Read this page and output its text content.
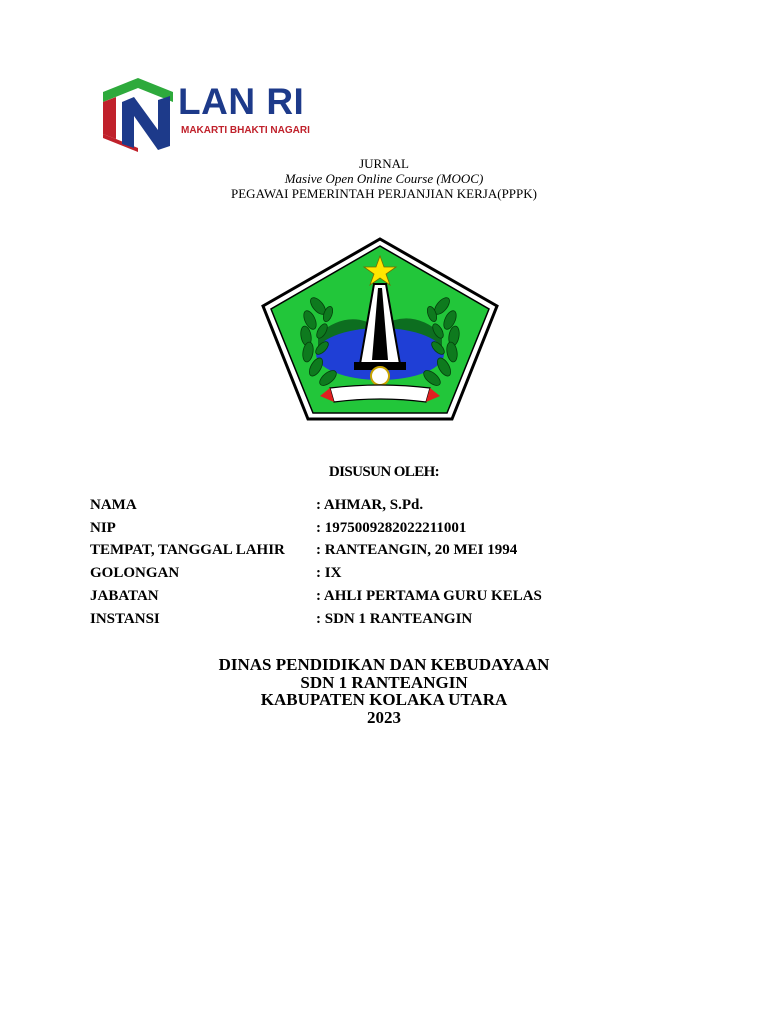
LAN RI
MAKARTI BHAKTI NAGARI
JURNAL
Masive Open Online Course (MOOC)
PEGAWAI PEMERINTAH PERJANJIAN KERJA(PPPK)
DISUSUN OLEH:
NAMA	: AHMAR, S.Pd.
NIP	: 1975009282022211001
TEMPAT, TANGGAL LAHIR	: RANTEANGIN, 20 MEI 1994
GOLONGAN	: IX
JABATAN	: AHLI PERTAMA GURU KELAS
INSTANSI	: SDN 1 RANTEANGIN
DINAS PENDIDIKAN DAN KEBUDAYAAN
SDN 1 RANTEANGIN
KABUPATEN KOLAKA UTARA
2023
